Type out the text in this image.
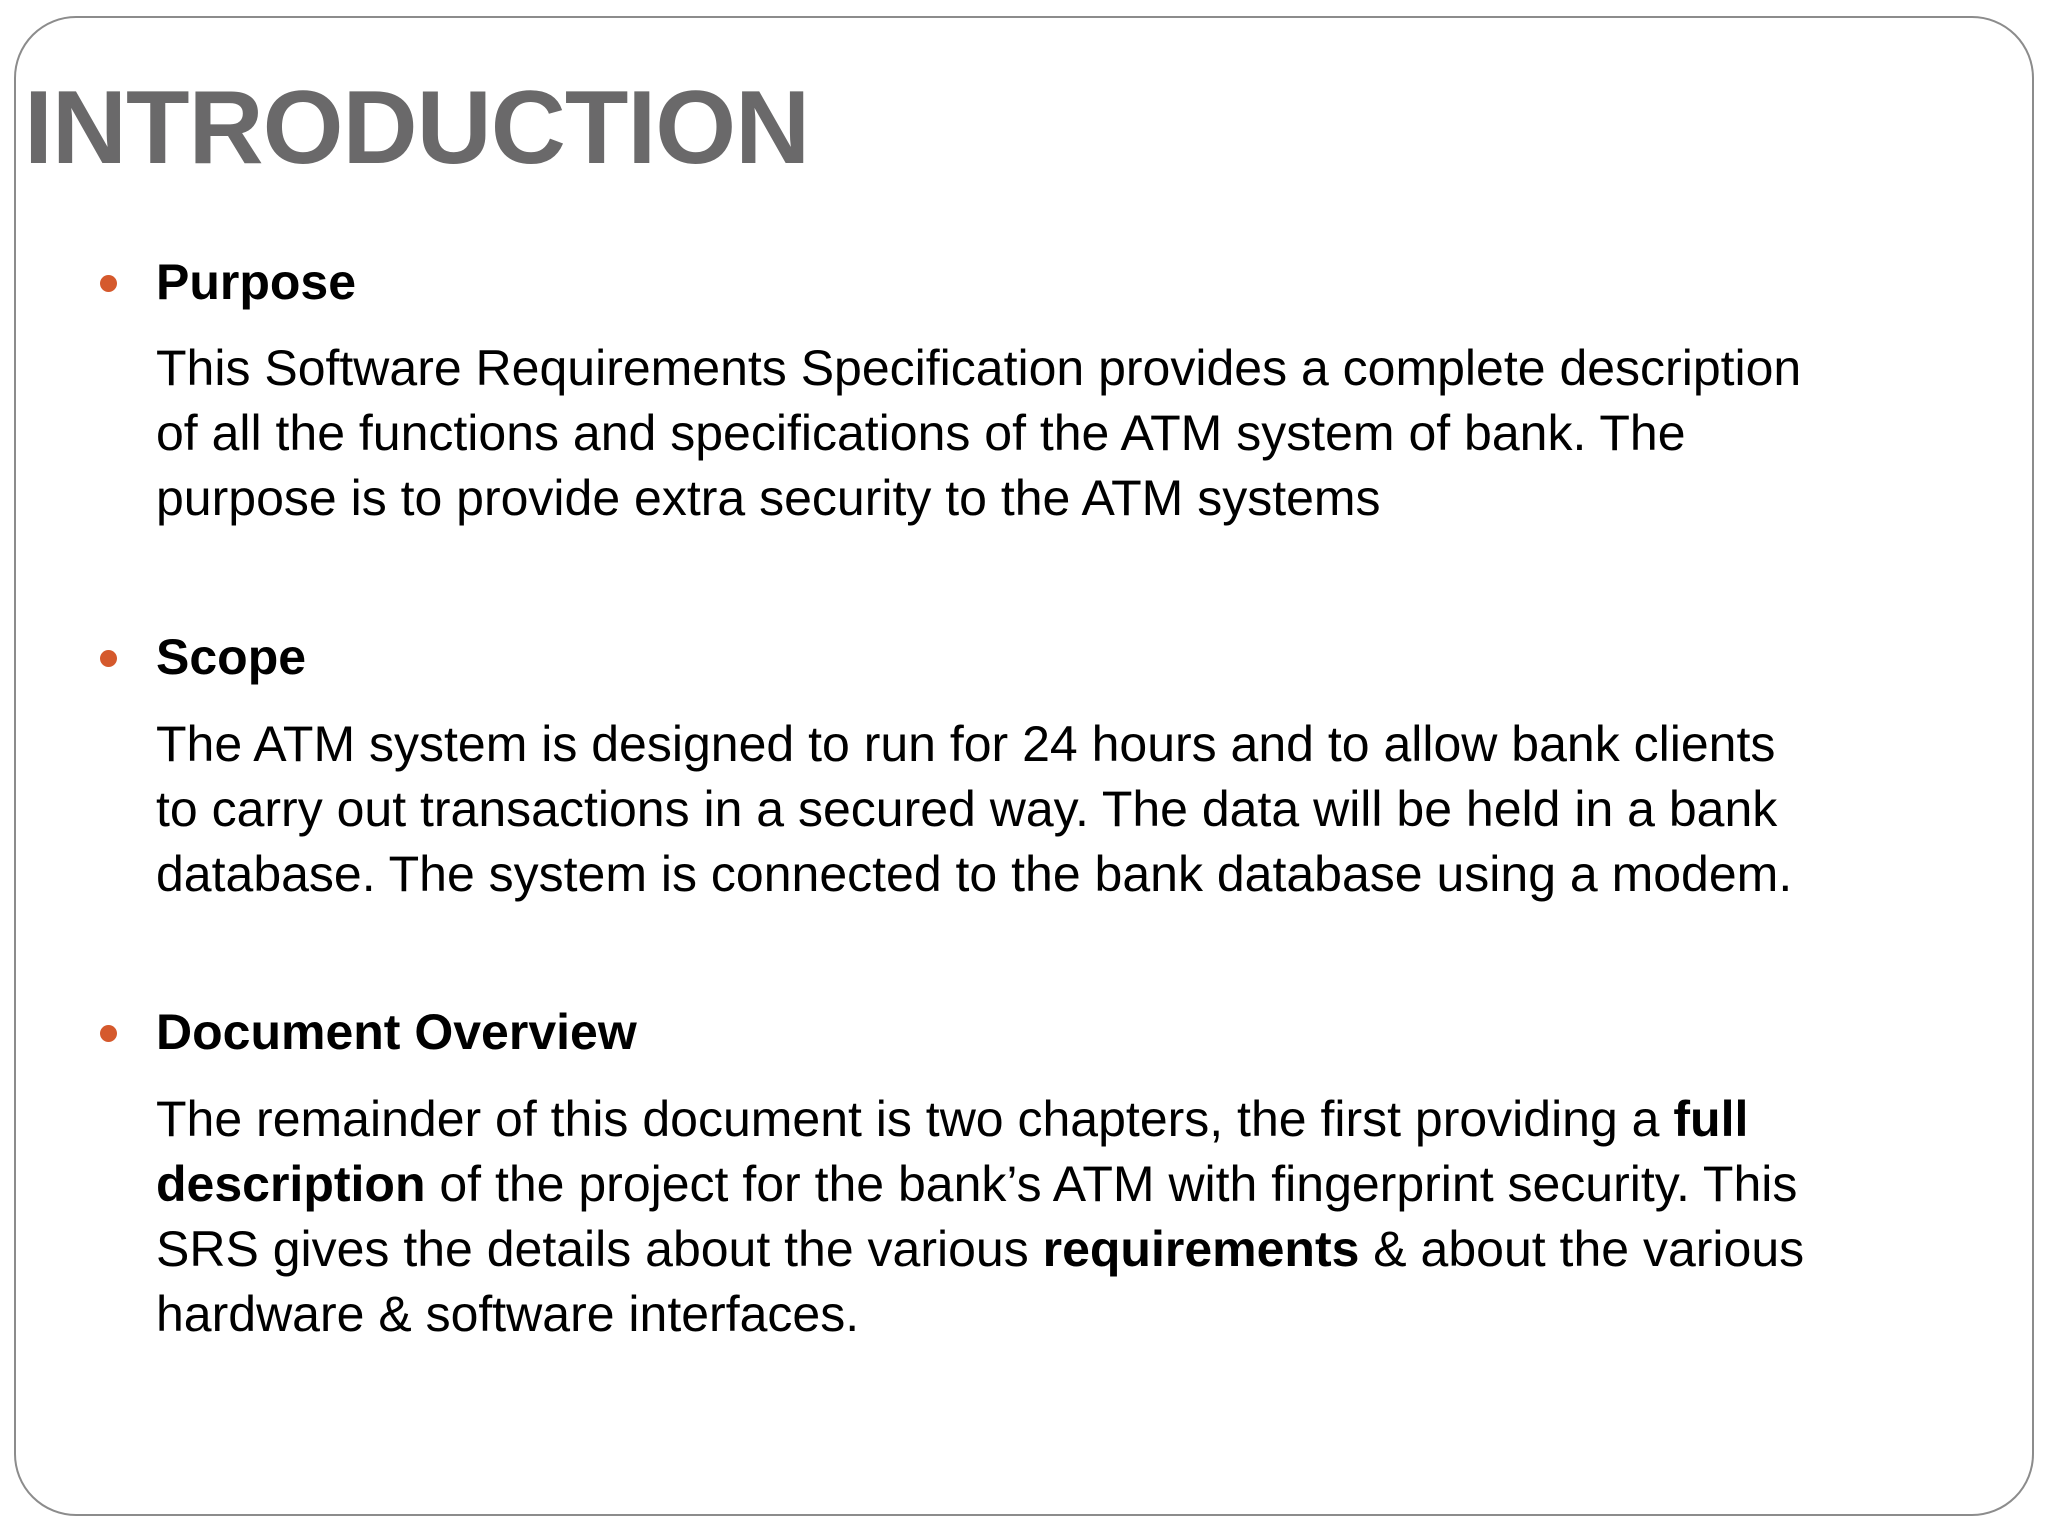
INTRODUCTION
Purpose

This Software Requirements Specification provides a complete description
of all the functions and specifications of the ATM system of bank. The
purpose is to provide extra security to the ATM systems

Scope

The ATM system is designed to run for 24 hours and to allow bank clients
to carry out transactions in a secured way. The data will be held in a bank
database. The system is connected to the bank database using a modem.

Document Overview

The remainder of this document is two chapters, the first providing a full
description of the project for the bank’s ATM with fingerprint security. This
SRS gives the details about the various requirements & about the various
hardware & software interfaces.
